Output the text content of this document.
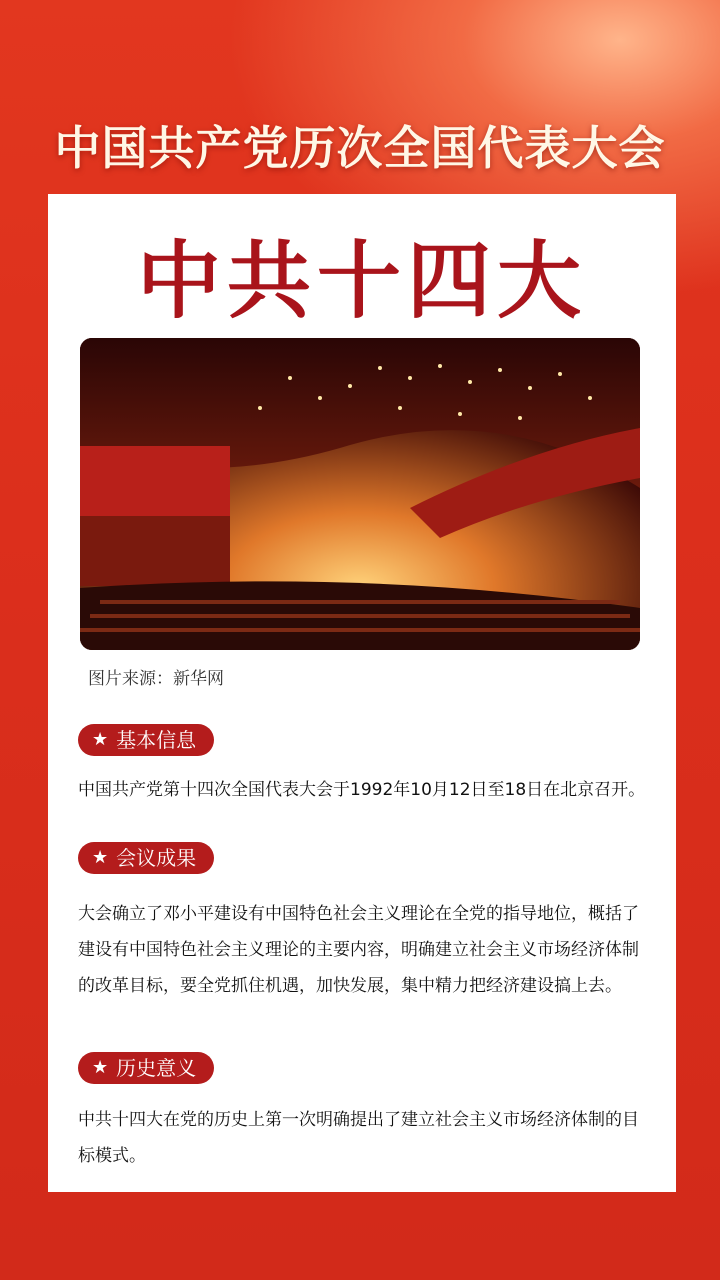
中国共产党历次全国代表大会
中共十四大
图片来源：新华网
★ 基本信息
中国共产党第十四次全国代表大会于1992年10月12日至18日在北京召开。
★ 会议成果
大会确立了邓小平建设有中国特色社会主义理论在全党的指导地位，概括了建设有中国特色社会主义理论的主要内容，明确建立社会主义市场经济体制的改革目标，要全党抓住机遇，加快发展，集中精力把经济建设搞上去。
★ 历史意义
中共十四大在党的历史上第一次明确提出了建立社会主义市场经济体制的目标模式。
